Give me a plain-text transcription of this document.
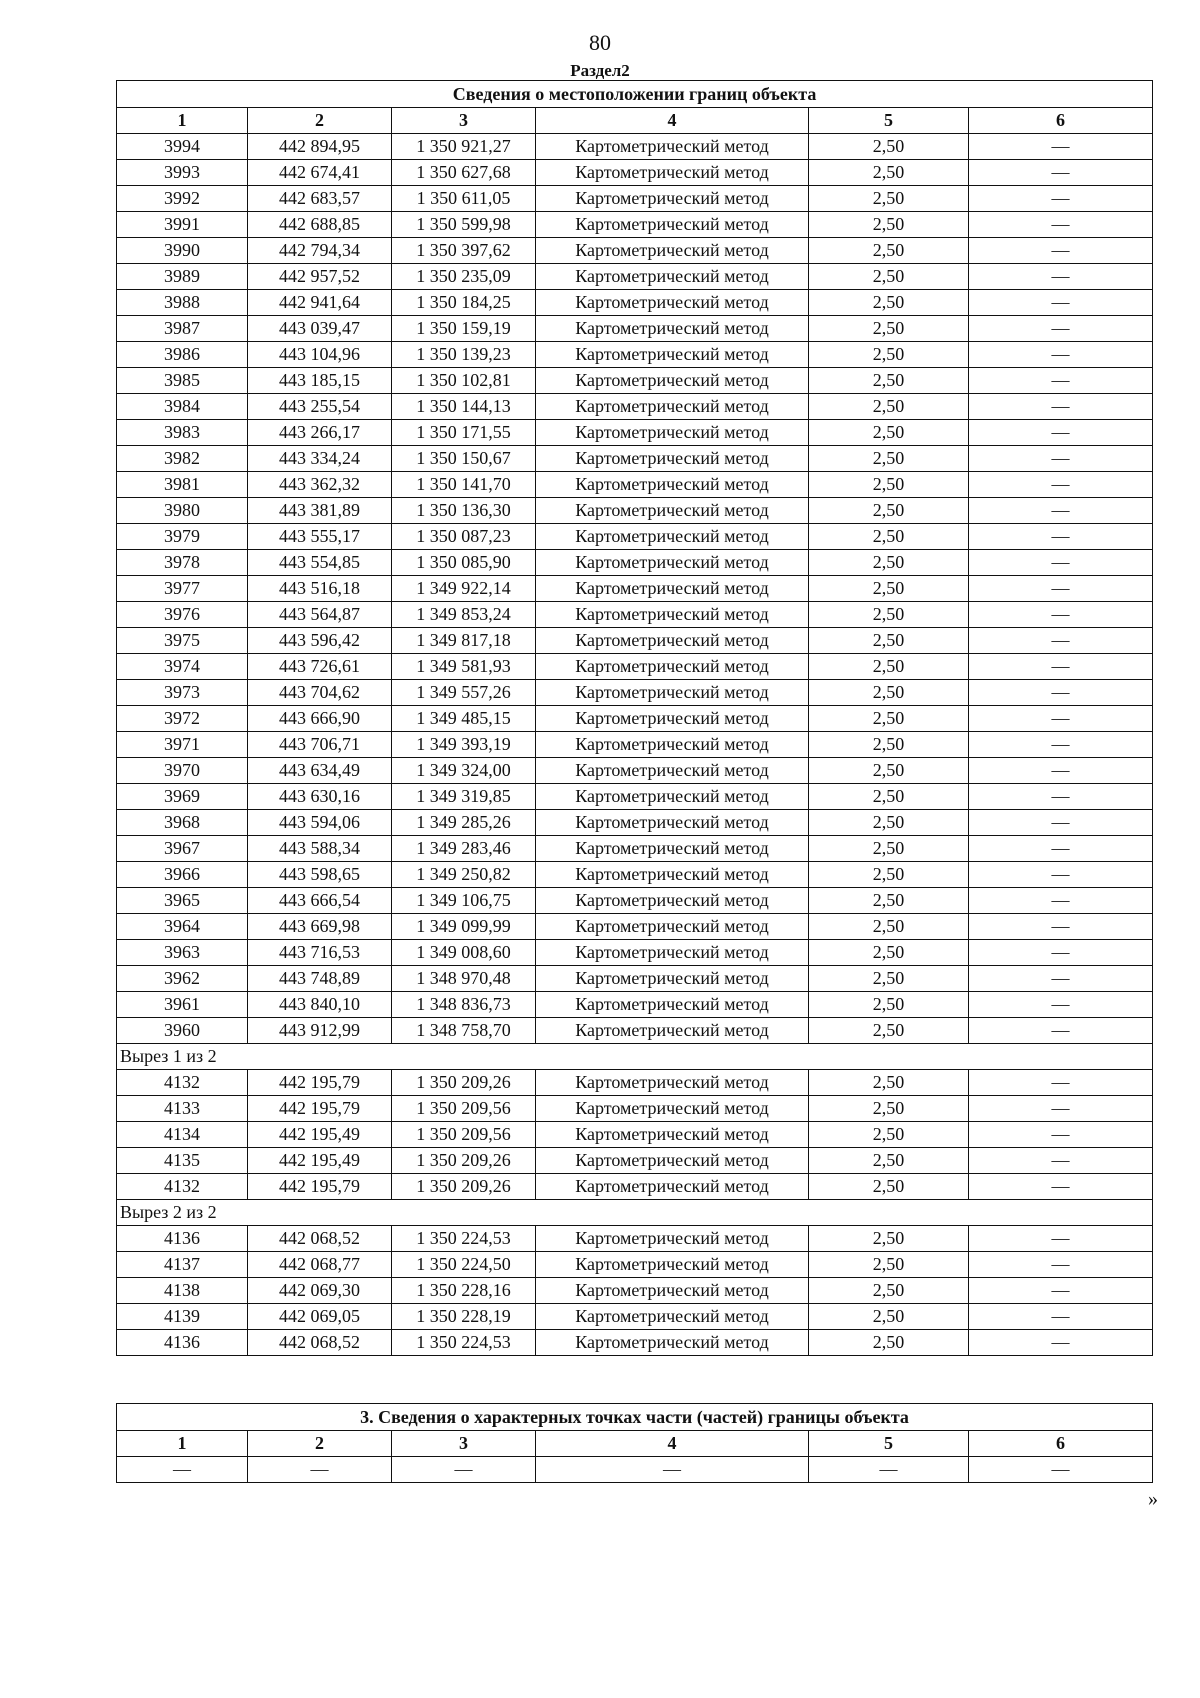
80
Раздел2
Сведения о местоположении границ объекта					
1	2	3	4	5	6
3994	442 894,95	1 350 921,27	Картометрический метод	2,50	—
3993	442 674,41	1 350 627,68	Картометрический метод	2,50	—
3992	442 683,57	1 350 611,05	Картометрический метод	2,50	—
3991	442 688,85	1 350 599,98	Картометрический метод	2,50	—
3990	442 794,34	1 350 397,62	Картометрический метод	2,50	—
3989	442 957,52	1 350 235,09	Картометрический метод	2,50	—
3988	442 941,64	1 350 184,25	Картометрический метод	2,50	—
3987	443 039,47	1 350 159,19	Картометрический метод	2,50	—
3986	443 104,96	1 350 139,23	Картометрический метод	2,50	—
3985	443 185,15	1 350 102,81	Картометрический метод	2,50	—
3984	443 255,54	1 350 144,13	Картометрический метод	2,50	—
3983	443 266,17	1 350 171,55	Картометрический метод	2,50	—
3982	443 334,24	1 350 150,67	Картометрический метод	2,50	—
3981	443 362,32	1 350 141,70	Картометрический метод	2,50	—
3980	443 381,89	1 350 136,30	Картометрический метод	2,50	—
3979	443 555,17	1 350 087,23	Картометрический метод	2,50	—
3978	443 554,85	1 350 085,90	Картометрический метод	2,50	—
3977	443 516,18	1 349 922,14	Картометрический метод	2,50	—
3976	443 564,87	1 349 853,24	Картометрический метод	2,50	—
3975	443 596,42	1 349 817,18	Картометрический метод	2,50	—
3974	443 726,61	1 349 581,93	Картометрический метод	2,50	—
3973	443 704,62	1 349 557,26	Картометрический метод	2,50	—
3972	443 666,90	1 349 485,15	Картометрический метод	2,50	—
3971	443 706,71	1 349 393,19	Картометрический метод	2,50	—
3970	443 634,49	1 349 324,00	Картометрический метод	2,50	—
3969	443 630,16	1 349 319,85	Картометрический метод	2,50	—
3968	443 594,06	1 349 285,26	Картометрический метод	2,50	—
3967	443 588,34	1 349 283,46	Картометрический метод	2,50	—
3966	443 598,65	1 349 250,82	Картометрический метод	2,50	—
3965	443 666,54	1 349 106,75	Картометрический метод	2,50	—
3964	443 669,98	1 349 099,99	Картометрический метод	2,50	—
3963	443 716,53	1 349 008,60	Картометрический метод	2,50	—
3962	443 748,89	1 348 970,48	Картометрический метод	2,50	—
3961	443 840,10	1 348 836,73	Картометрический метод	2,50	—
3960	443 912,99	1 348 758,70	Картометрический метод	2,50	—
Вырез 1 из 2					
4132	442 195,79	1 350 209,26	Картометрический метод	2,50	—
4133	442 195,79	1 350 209,56	Картометрический метод	2,50	—
4134	442 195,49	1 350 209,56	Картометрический метод	2,50	—
4135	442 195,49	1 350 209,26	Картометрический метод	2,50	—
4132	442 195,79	1 350 209,26	Картометрический метод	2,50	—
Вырез 2 из 2					
4136	442 068,52	1 350 224,53	Картометрический метод	2,50	—
4137	442 068,77	1 350 224,50	Картометрический метод	2,50	—
4138	442 069,30	1 350 228,16	Картометрический метод	2,50	—
4139	442 069,05	1 350 228,19	Картометрический метод	2,50	—
4136	442 068,52	1 350 224,53	Картометрический метод	2,50	—
3. Сведения о характерных точках части (частей) границы объекта					
1	2	3	4	5	6
—	—	—	—	—	—
»
